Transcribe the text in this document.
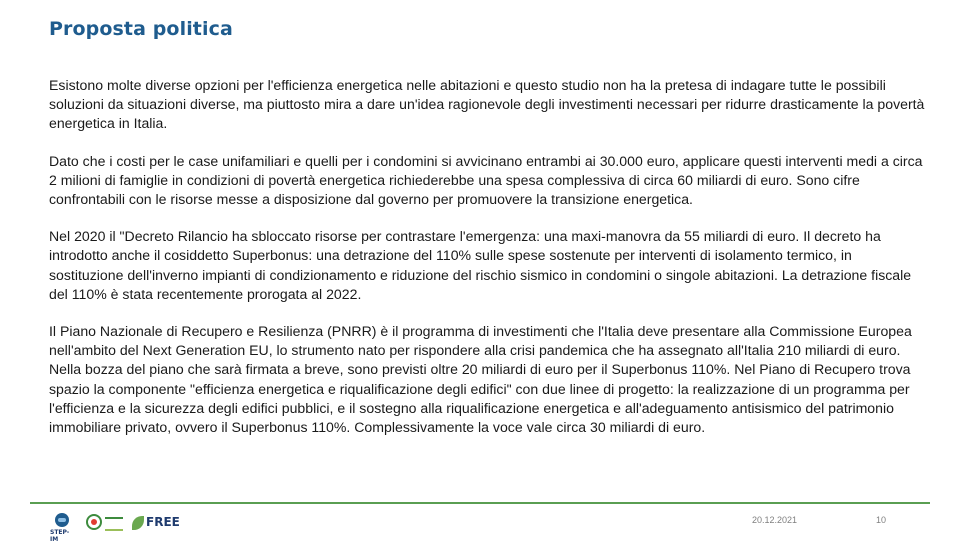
Proposta politica

Esistono molte diverse opzioni per l'efficienza energetica nelle abitazioni e questo studio non ha la pretesa di indagare tutte le possibili soluzioni da situazioni diverse, ma piuttosto mira a dare un'idea ragionevole degli investimenti necessari per ridurre drasticamente la povertà energetica in Italia.

Dato che i costi per le case unifamiliari e quelli per i condomini si avvicinano entrambi ai 30.000 euro, applicare questi interventi medi a circa 2 milioni di famiglie in condizioni di povertà energetica richiederebbe una spesa complessiva di circa 60 miliardi di euro. Sono cifre confrontabili con le risorse messe a disposizione dal governo per promuovere la transizione energetica.

Nel 2020 il "Decreto Rilancio ha sbloccato risorse per contrastare l'emergenza: una maxi-manovra da 55 miliardi di euro. Il decreto ha introdotto anche il cosiddetto Superbonus: una detrazione del 110% sulle spese sostenute per interventi di isolamento termico, in sostituzione dell'inverno impianti di condizionamento e riduzione del rischio sismico in condomini o singole abitazioni. La detrazione fiscale del 110% è stata recentemente prorogata al 2022.

Il Piano Nazionale di Recupero e Resilienza (PNRR) è il programma di investimenti che l'Italia deve presentare alla Commissione Europea nell'ambito del Next Generation EU, lo strumento nato per rispondere alla crisi pandemica che ha assegnato all'Italia 210 miliardi di euro. Nella bozza del piano che sarà firmata a breve, sono previsti oltre 20 miliardi di euro per il Superbonus 110%. Nel Piano di Recupero trova spazio la componente "efficienza energetica e riqualificazione degli edifici" con due linee di progetto: la realizzazione di un programma per l'efficienza e la sicurezza degli edifici pubblici, e il sostegno alla riqualificazione energetica e all'adeguamento antisismico del patrimonio immobiliare privato, ovvero il Superbonus 110%. Complessivamente la voce vale circa 30 miliardi di euro.

STEP-IM
FREE	20.12.2021	10
